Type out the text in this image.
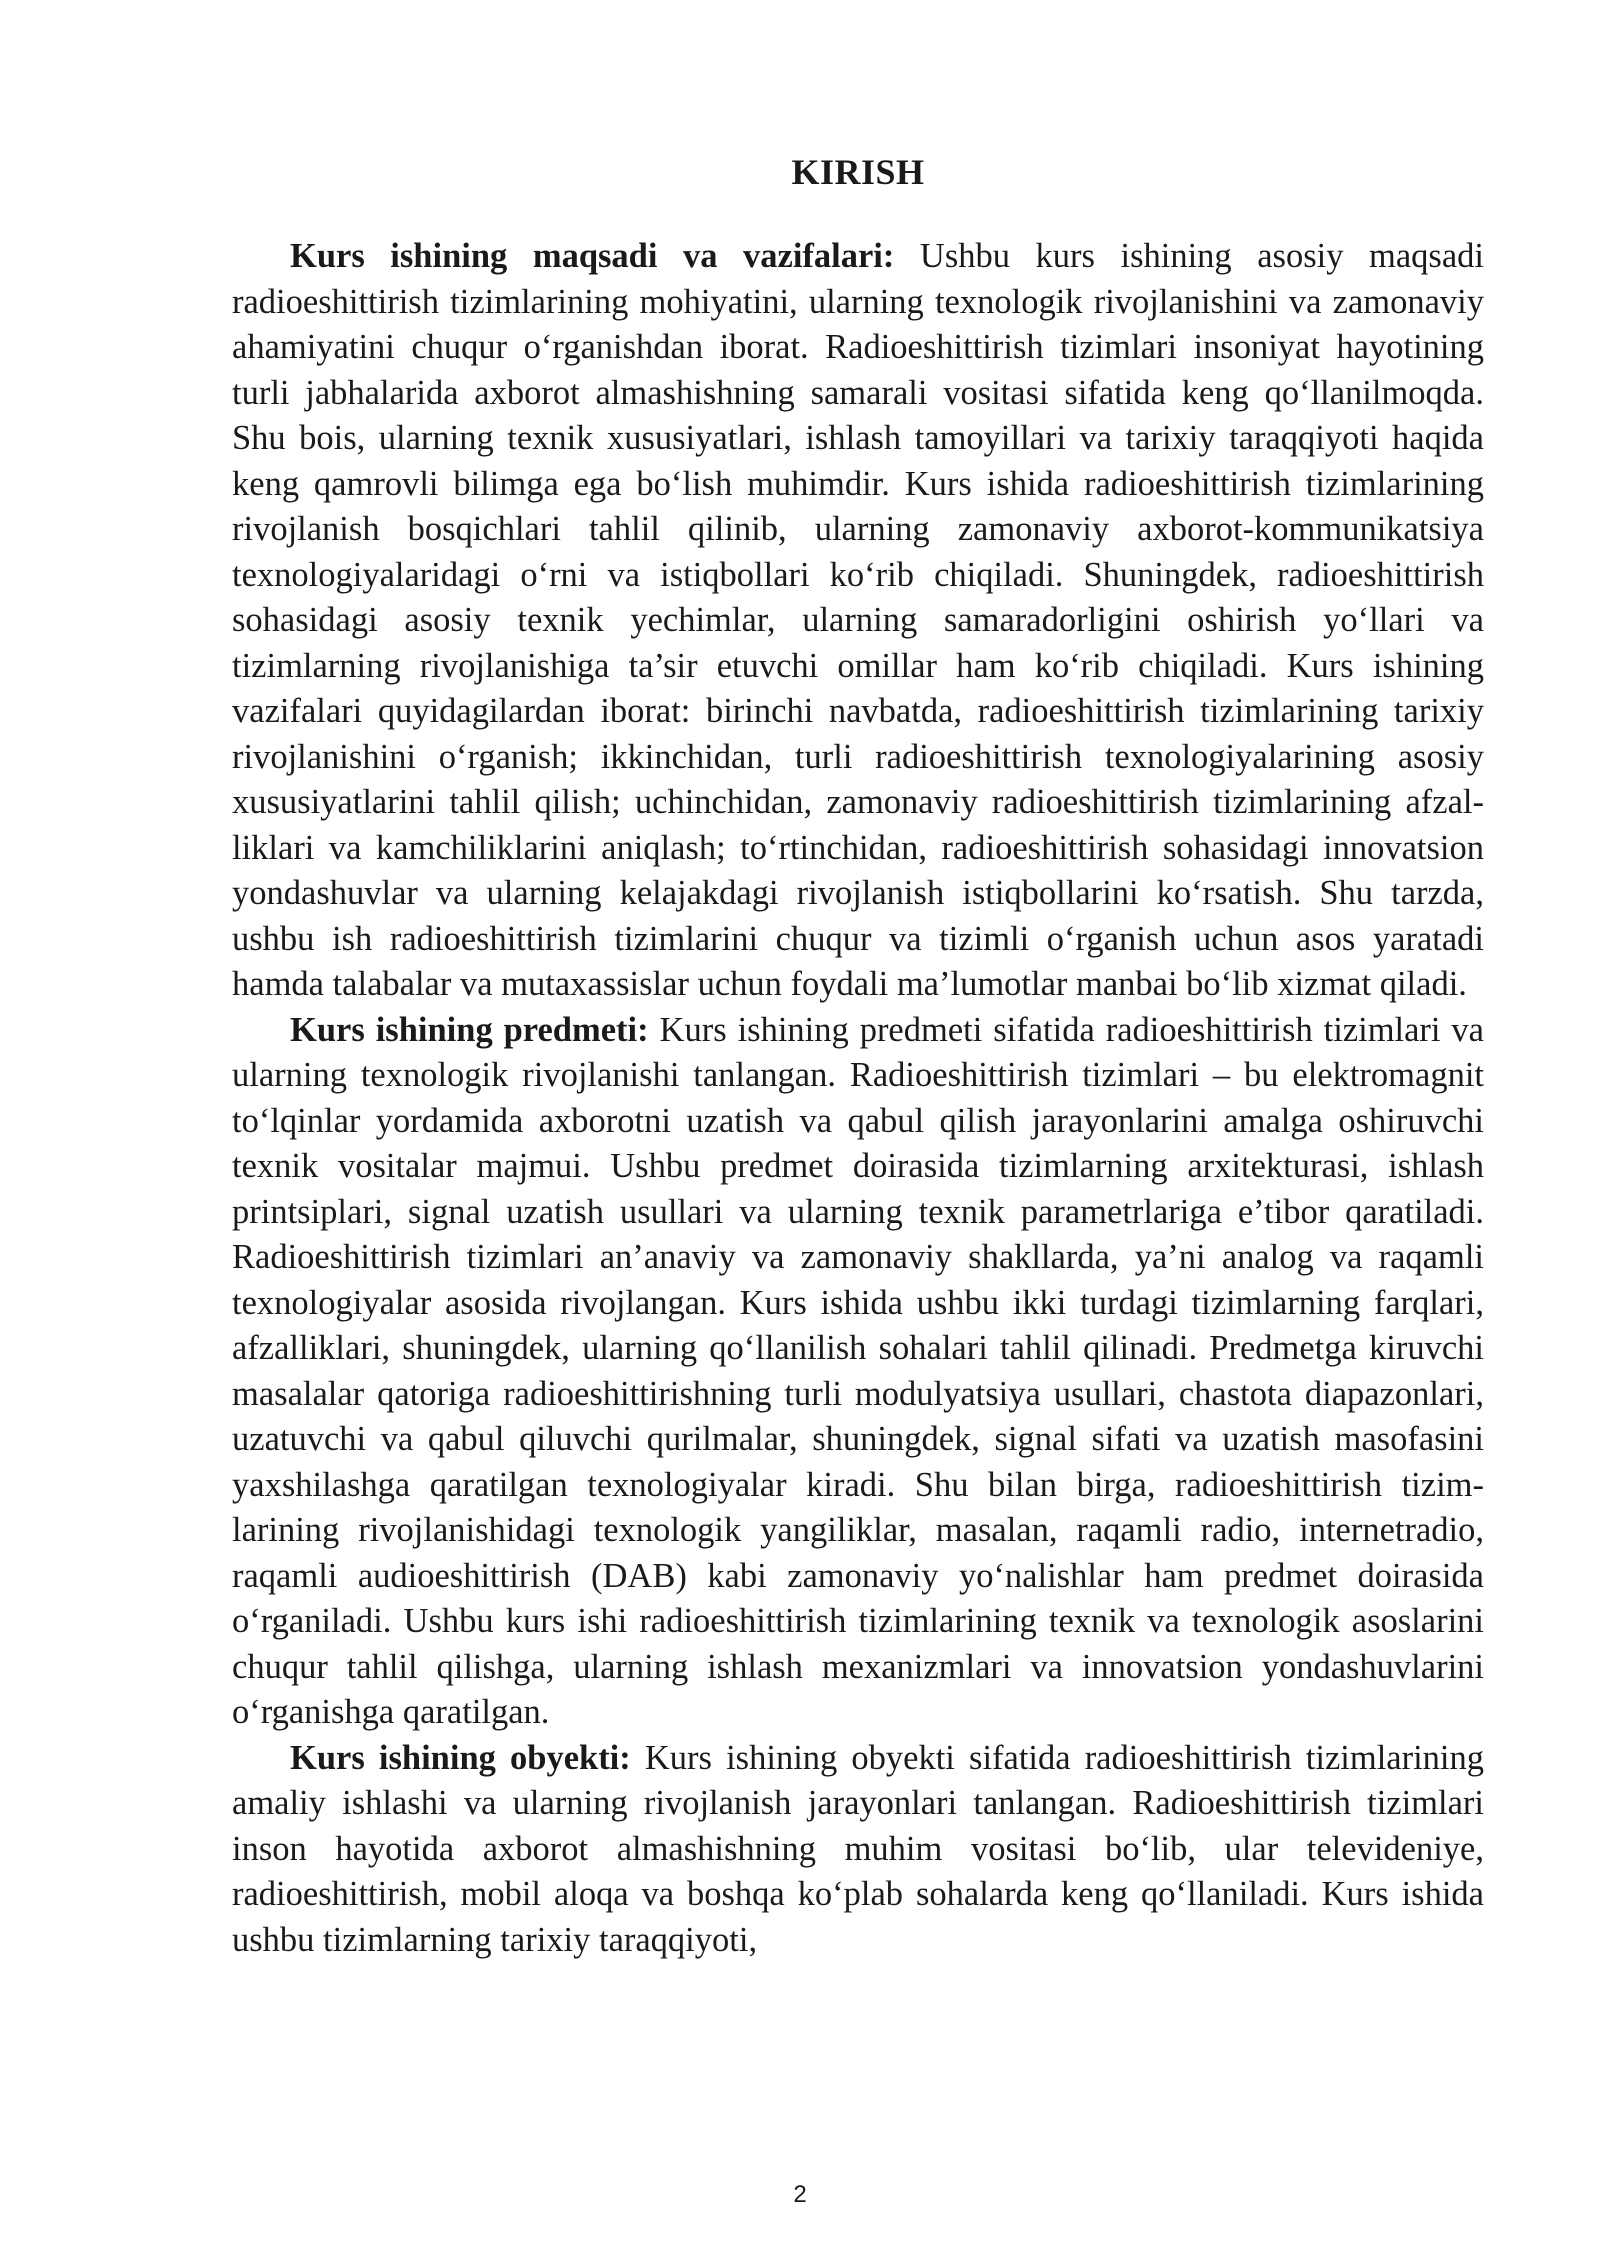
KIRISH

Kurs ishining maqsadi va vazifalari: Ushbu kurs ishining asosiy maqsadi radioeshittirish tizimlarining mohiyatini, ularning texnologik rivojlanishini va zamonaviy ahamiyatini chuqur o‘rganishdan iborat. Radioeshittirish tizimlari insoniyat hayotining turli jabhalarida axborot almashishning samarali vositasi sifatida keng qo‘llanilmoqda. Shu bois, ularning texnik xususiyatlari, ishlash tamoyillari va tarixiy taraqqiyoti haqida keng qamrovli bilimga ega bo‘lish muhimdir. Kurs ishida radioeshittirish tizimlarining rivojlanish bosqichlari tahlil qilinib, ularning zamonaviy axborot-kommunikatsiya texnologiyalaridagi o‘rni va istiqbollari ko‘rib chiqiladi. Shuningdek, radioeshittirish sohasidagi asosiy texnik yechimlar, ularning samaradorligini oshirish yo‘llari va tizimlarning rivojlanishiga ta’sir etuvchi omillar ham ko‘rib chiqiladi. Kurs ishining vazifalari quyidagilardan iborat: birinchi navbatda, radioeshittirish tizimlarining tarixiy rivojlanishini o‘rganish; ikkinchidan, turli radioeshittirish texnologiyalarining asosiy xususiyatlarini tahlil qilish; uchinchidan, zamonaviy radioeshittirish tizimlarining afzalliklari va kamchiliklarini aniqlash; to‘rtinchidan, radioeshittirish sohasidagi innovatsion yondashuvlar va ularning kelajakdagi rivojlanish istiqbollarini ko‘rsatish. Shu tarzda, ushbu ish radioeshittirish tizimlarini chuqur va tizimli o‘rganish uchun asos yaratadi hamda talabalar va mutaxassislar uchun foydali ma’lumotlar manbai bo‘lib xizmat qiladi.

Kurs ishining predmeti: Kurs ishining predmeti sifatida radioeshittirish tizimlari va ularning texnologik rivojlanishi tanlangan. Radioeshittirish tizimlari – bu elektromagnit to‘lqinlar yordamida axborotni uzatish va qabul qilish jarayonlarini amalga oshiruvchi texnik vositalar majmui. Ushbu predmet doirasida tizimlarning arxitekturasi, ishlash printsiplari, signal uzatish usullari va ularning texnik parametrlariga e’tibor qaratiladi. Radioeshittirish tizimlari an’anaviy va zamonaviy shakllarda, ya’ni analog va raqamli texnologiyalar asosida rivojlangan. Kurs ishida ushbu ikki turdagi tizimlarning farqlari, afzalliklari, shuningdek, ularning qo‘llanilish sohalari tahlil qilinadi. Predmetga kiruvchi masalalar qatoriga radioeshittirishning turli modulyatsiya usullari, chastota diapazonlari, uzatuvchi va qabul qiluvchi qurilmalar, shuningdek, signal sifati va uzatish masofasini yaxshilashga qaratilgan texnologiyalar kiradi. Shu bilan birga, radioeshittirish tizimlarining rivojlanishidagi texnologik yangiliklar, masalan, raqamli radio, internetradio, raqamli audioeshittirish (DAB) kabi zamonaviy yo‘nalishlar ham predmet doirasida o‘rganiladi. Ushbu kurs ishi radioeshittirish tizimlarining texnik va texnologik asoslarini chuqur tahlil qilishga, ularning ishlash mexanizmlari va innovatsion yondashuvlarini o‘rganishga qaratilgan.

Kurs ishining obyekti: Kurs ishining obyekti sifatida radioeshittirish tizimlarining amaliy ishlashi va ularning rivojlanish jarayonlari tanlangan. Radioeshittirish tizimlari inson hayotida axborot almashishning muhim vositasi bo‘lib, ular televideniye, radioeshittirish, mobil aloqa va boshqa ko‘plab sohalarda keng qo‘llaniladi. Kurs ishida ushbu tizimlarning tarixiy taraqqiyoti,

2
